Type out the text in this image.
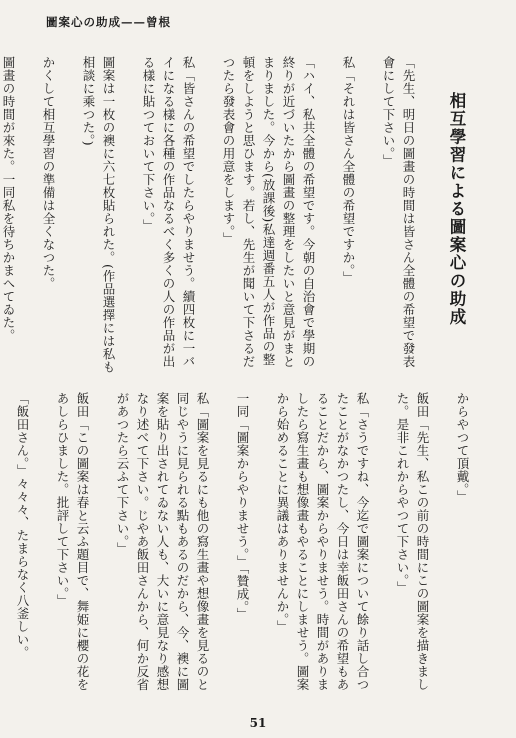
圖案心の助成——曾根
相互學習による圖案心の助成

「先生、明日の圖畫の時間は皆さん全體の希望で發表會にして下さい。」

私「それは皆さん全體の希望ですか。」

「ハイ、私共全體の希望です。今朝の自治會で學期の終りが近づいたから圖畫の整理をしたいと意見がまとまりました。今から(放課後)私達週番五人が作品の整頓をしようと思ひます。若し、先生が聞いて下さるだつたら發表會の用意をします。」

私「皆さんの希望でしたらやりませう。續四枚に一バイになる樣に各種の作品なるべく多くの人の作品が出る樣に貼つておいて下さい。」

圖案は一枚の襖に六七枚貼られた。(作品選擇には私も相談に乘つた。)

かくして相互學習の準備は全くなつた。

圖畫の時間が來た。一同私を待ちかまへてゐた。

からやつて頂戴。」

飯田「先生、私この前の時間にこの圖案を描きました。是非これからやつて下さい。」

私「さうですね、今迄で圖案について餘り話し合つたことがなかつたし、今日は幸飯田さんの希望もあることだから、圖案からやりませう。時間がありましたら寫生畫も想像畫もやることにしませう。圖案から始めることに異議はありませんか。」

一同「圖案からやりませう。」「贊成。」

私「圖案を見るにも他の寫生畫や想像畫を見るのと同じやうに見られる點もあるのだから、今、襖に圖案を貼り出されてゐない人も、大いに意見なり感想なり述べて下さい。じやあ飯田さんから、何か反省があつたら云ふて下さい。」

飯田「この圖案は春と云ふ題目で、舞姫に櫻の花をあしらひました。批評して下さい。」

「飯田さん。」々々々、たまらなく八釜しい。

51
